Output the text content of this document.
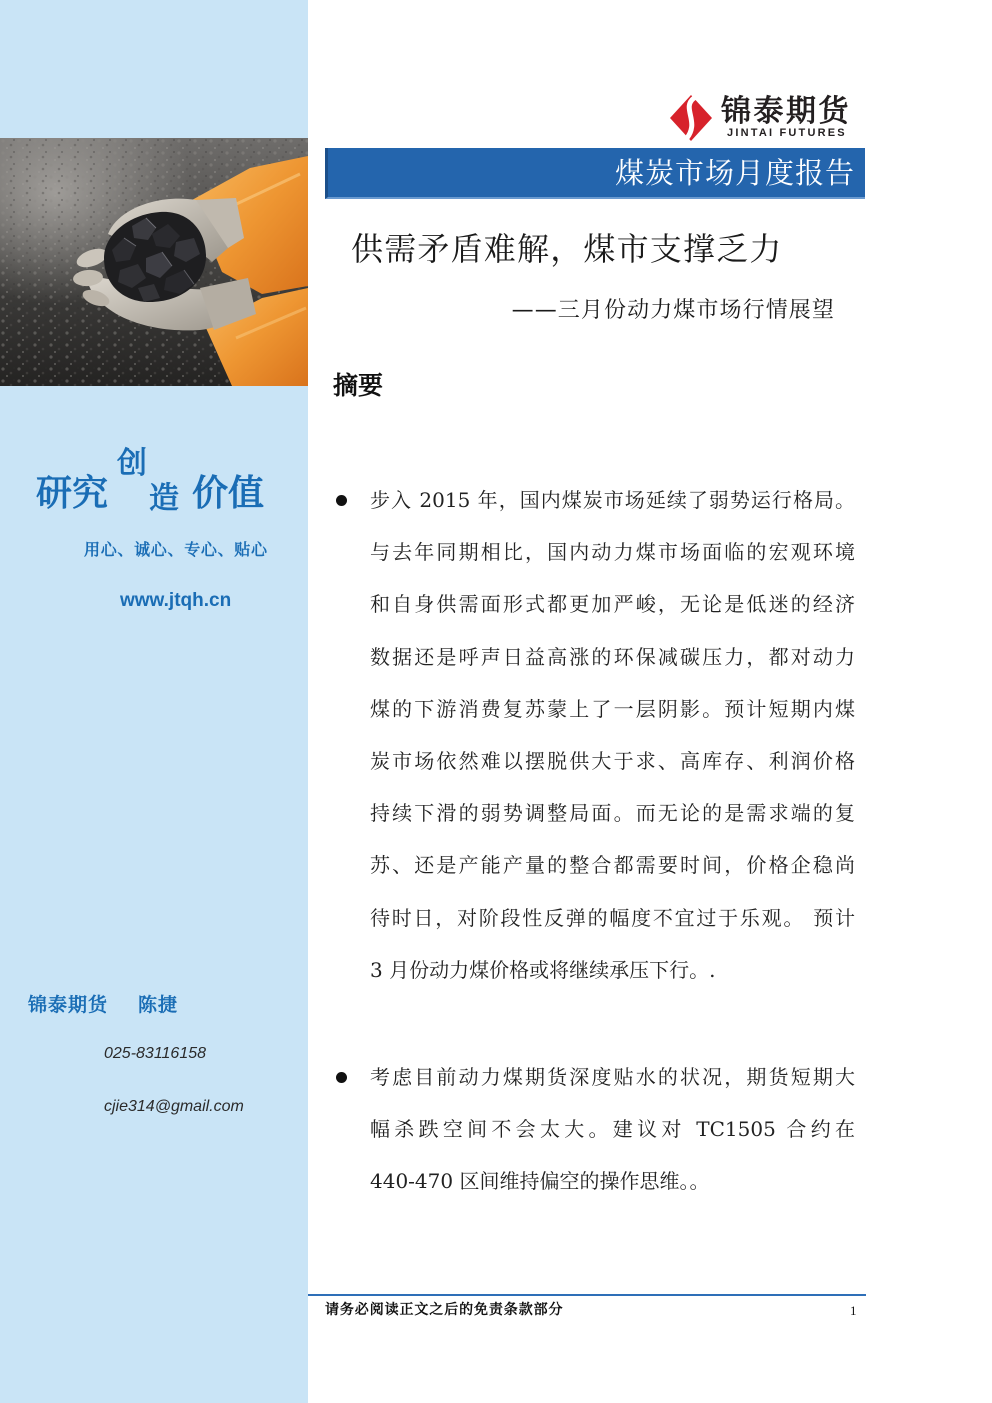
研究
创
造 价值
用心、诚心、专心、贴心
www.jtqh.cn
锦泰期货 陈捷
025-83116158
cjie314@gmail.com
锦泰期货
JINTAI FUTURES
煤炭市场月度报告
供需矛盾难解，煤市支撑乏力
——三月份动力煤市场行情展望
摘要
步入 2015 年，国内煤炭市场延续了弱势运行格局。
与去年同期相比，国内动力煤市场面临的宏观环境
和自身供需面形式都更加严峻，无论是低迷的经济
数据还是呼声日益高涨的环保减碳压力，都对动力
煤的下游消费复苏蒙上了一层阴影。预计短期内煤
炭市场依然难以摆脱供大于求、高库存、利润价格
持续下滑的弱势调整局面。而无论的是需求端的复
苏、还是产能产量的整合都需要时间，价格企稳尚
待时日，对阶段性反弹的幅度不宜过于乐观。 预计
3 月份动力煤价格或将继续承压下行。.
考虑目前动力煤期货深度贴水的状况，期货短期大
幅杀跌空间不会太大。建议对 TC1505 合约在
440-470 区间维持偏空的操作思维。。
请务必阅读正文之后的免责条款部分	1
